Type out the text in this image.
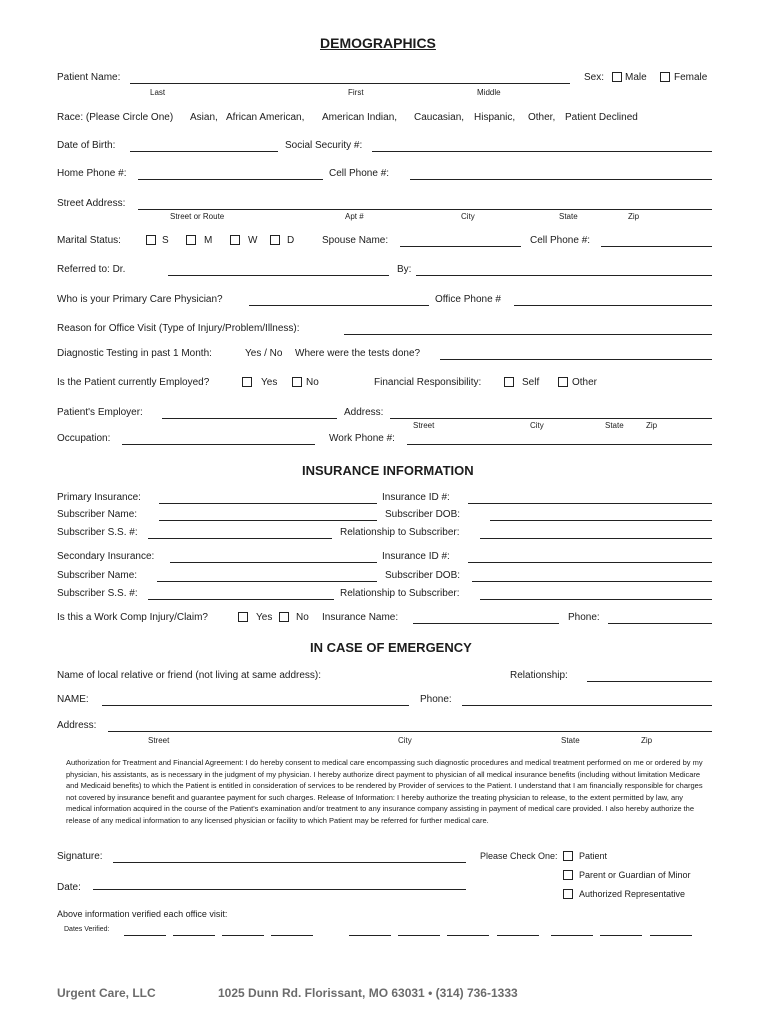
DEMOGRAPHICS
Patient Name:
Last	First	Middle
Sex: Male	Female
Race: (Please Circle One) Asian, African American, American Indian, Caucasian, Hispanic, Other, Patient Declined
Date of Birth:	Social Security #:
Home Phone #:	Cell Phone #:
Street Address:
Street or Route	Apt #	City	State	Zip
Marital Status:	S	M	W	D	Spouse Name:	Cell Phone #:
Referred to: Dr.	By:
Who is your Primary Care Physician?	Office Phone #
Reason for Office Visit (Type of Injury/Problem/Illness):
Diagnostic Testing in past 1 Month:	Yes / No Where were the tests done?
Is the Patient currently Employed?	Yes	No	Financial Responsibility:	Self	Other
Patient's Employer:	Address:
Street	City	State	Zip
Occupation:	Work Phone #:
INSURANCE INFORMATION
Primary Insurance:	Insurance ID #:
Subscriber Name:	Subscriber DOB:
Subscriber S.S. #:	Relationship to Subscriber:
Secondary Insurance:	Insurance ID #:
Subscriber Name:	Subscriber DOB:
Subscriber S.S. #:	Relationship to Subscriber:
Is this a Work Comp Injury/Claim?	Yes No Insurance Name:	Phone:
IN CASE OF EMERGENCY
Name of local relative or friend (not living at same address):	Relationship:
NAME:	Phone:
Address:
Street	City	State	Zip
Authorization for Treatment and Financial Agreement: I do hereby consent to medical care encompassing such diagnostic procedures and medical treatment performed on me or ordered by my physician, his assistants, as is necessary in the judgment of my physician. I hereby authorize direct payment to physician of all medical insurance benefits (including without limitation Medicare and Medicaid benefits) to which the Patient is entitled in consideration of services to be rendered by Provider of services to the Patient. I understand that I am financially responsible for charges not covered by insurance benefit and guarantee payment for such charges. Release of Information: I hereby authorize the treating physician to release, to the extent permitted by law, any medical information acquired in the course of the Patient's examination and/or treatment to any insurance company assisting in payment of medical care provided. I also hereby authorize the release of any medical information to any licensed physician or facility to which Patient may be referred for further medical care.
Signature:	Please Check One: Patient
Parent or Guardian of Minor
Date:
Authorized Representative
Above information verified each office visit:
Dates Verified:
Urgent Care, LLC	1025 Dunn Rd. Florissant, MO 63031 • (314) 736-1333
